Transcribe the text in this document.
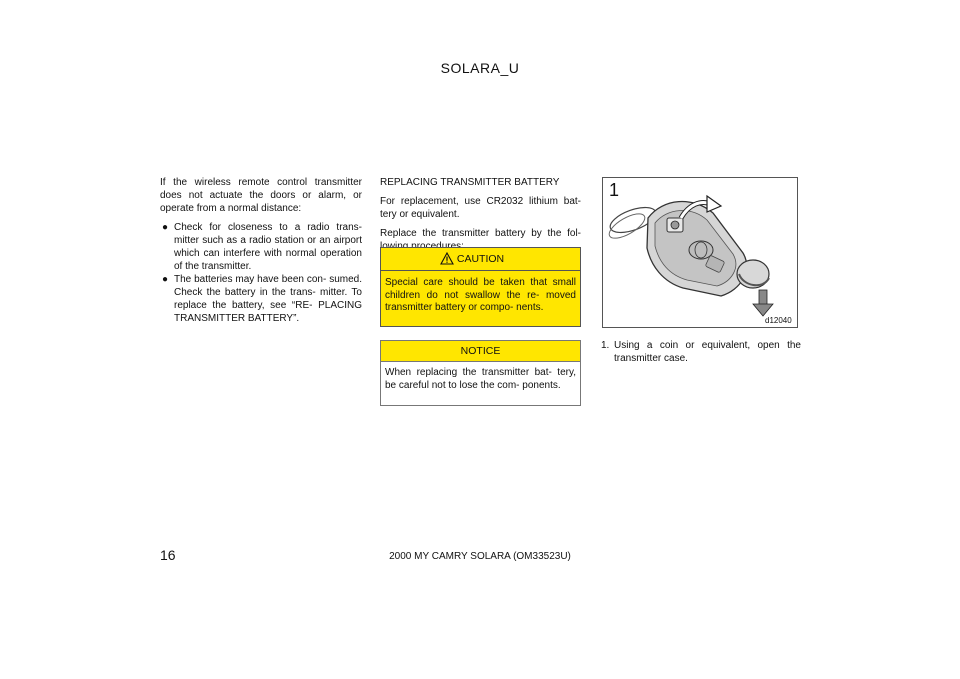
SOLARA_U

If the wireless remote control transmitter does not actuate the doors or alarm, or operate from a normal distance:

● Check for closeness to a radio trans- mitter such as a radio station or an airport which can interfere with normal operation of the transmitter.
● The batteries may have been con- sumed. Check the battery in the trans- mitter. To replace the battery, see “RE- PLACING TRANSMITTER BATTERY”.

REPLACING TRANSMITTER BATTERY

For replacement, use CR2032 lithium bat- tery or equivalent.

Replace the transmitter battery by the fol-

CAUTION
Special care should be taken that small children do not swallow the re- moved transmitter battery or compo- nents.
NOTICE
When replacing the transmitter bat- tery, be careful not to lose the com- ponents.
1
d12040
1. Using a coin or equivalent, open the transmitter case.
16	2000 MY CAMRY SOLARA (OM33523U)
